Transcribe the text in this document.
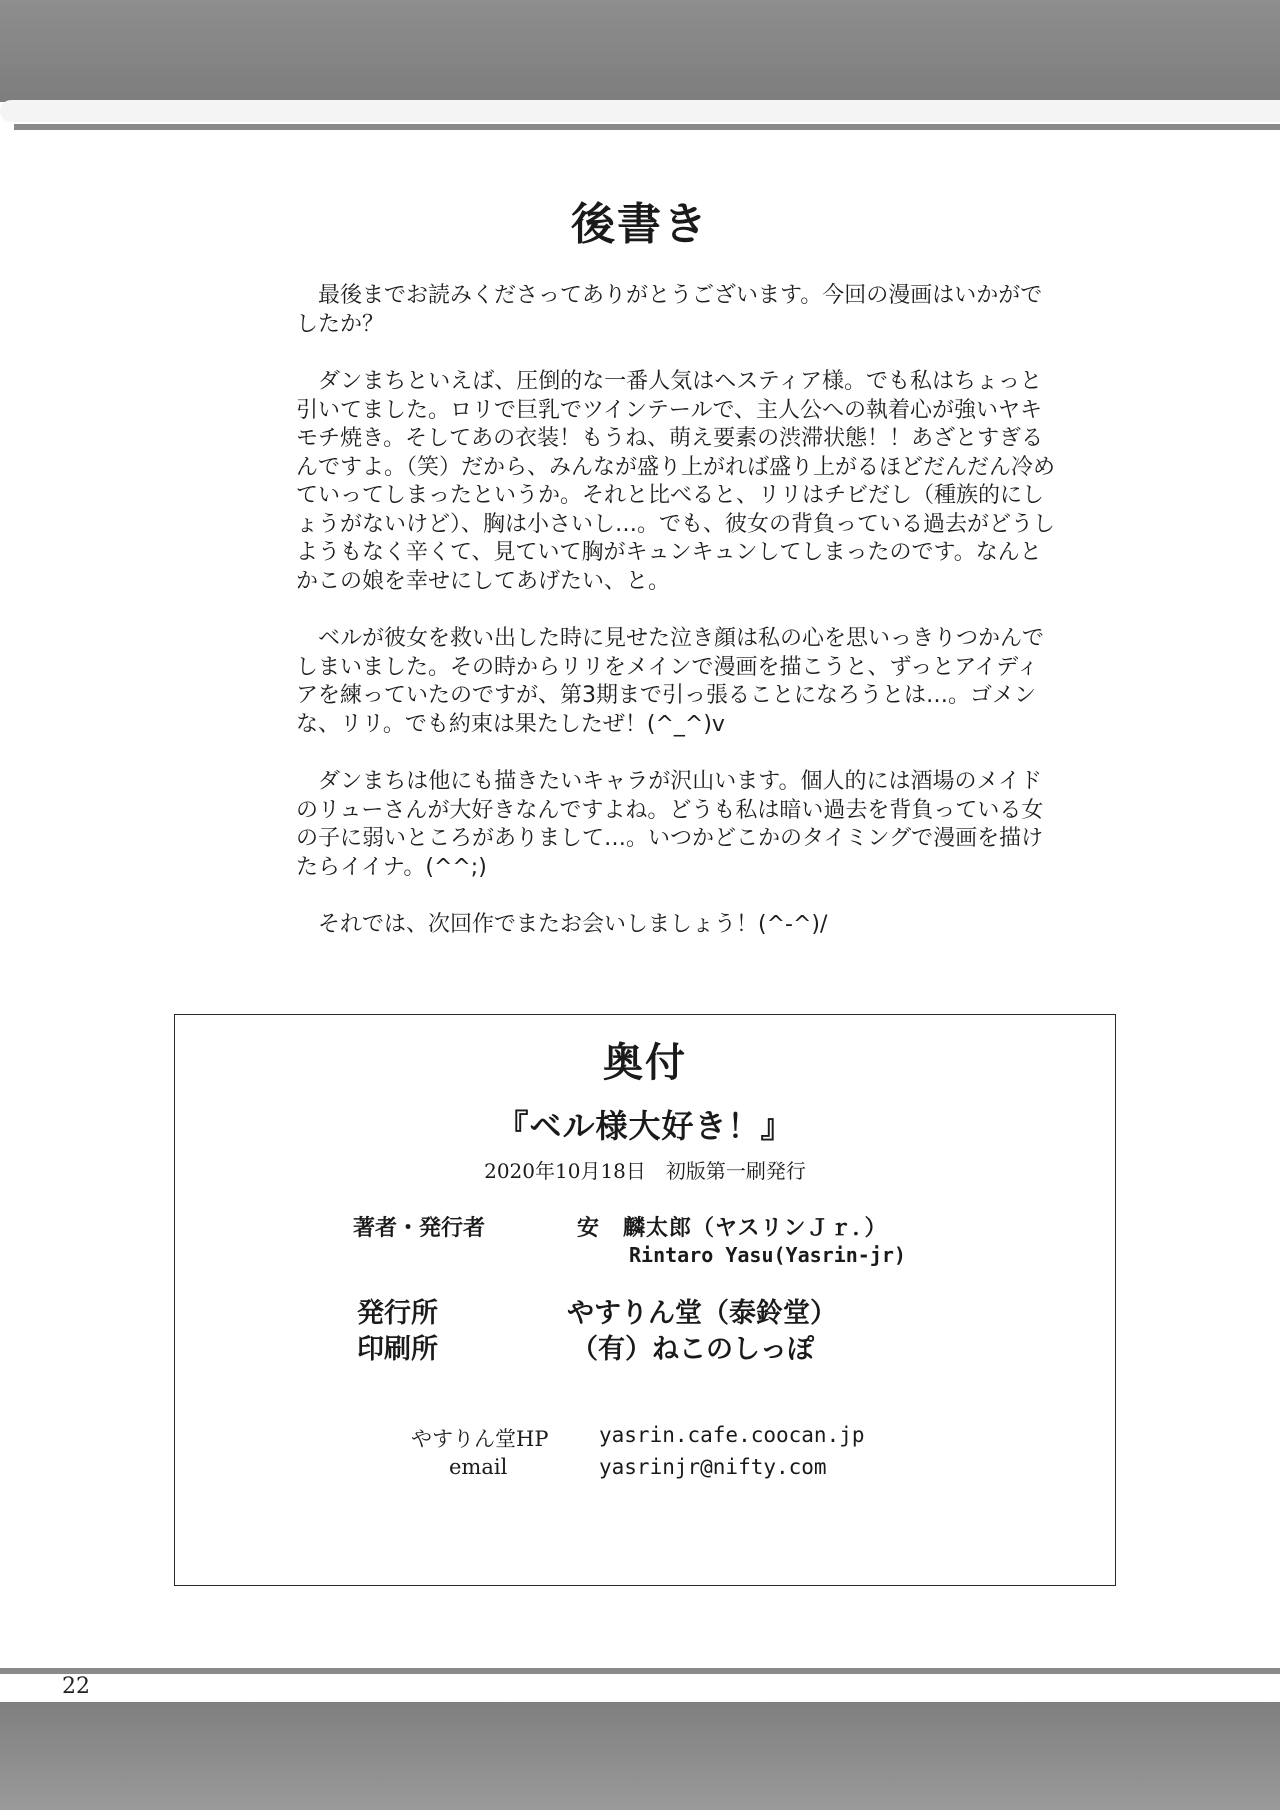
後書き

最後までお読みくださってありがとうございます。今回の漫画はいかがでしたか？

ダンまちといえば、圧倒的な一番人気はヘスティア様。でも私はちょっと引いてました。ロリで巨乳でツインテールで、主人公への執着心が強いヤキモチ焼き。そしてあの衣装！もうね、萌え要素の渋滞状態！！あざとすぎるんですよ。（笑）だから、みんなが盛り上がれば盛り上がるほどだんだん冷めていってしまったというか。それと比べると、リリはチビだし（種族的にしょうがないけど）、胸は小さいし…。でも、彼女の背負っている過去がどうしようもなく辛くて、見ていて胸がキュンキュンしてしまったのです。なんとかこの娘を幸せにしてあげたい、と。

ベルが彼女を救い出した時に見せた泣き顔は私の心を思いっきりつかんでしまいました。その時からリリをメインで漫画を描こうと、ずっとアイディアを練っていたのですが、第3期まで引っ張ることになろうとは…。ゴメンな、リリ。でも約束は果たしたぜ！(^_^)v

ダンまちは他にも描きたいキャラが沢山います。個人的には酒場のメイドのリューさんが大好きなんですよね。どうも私は暗い過去を背負っている女の子に弱いところがありまして…。いつかどこかのタイミングで漫画を描けたらイイナ。(^^;)

それでは、次回作でまたお会いしましょう！(^-^)/

奥付
『ベル様大好き！』
2020年10月18日　初版第一刷発行
著者・発行者	安　麟太郎（ヤスリンＪｒ．）
Rintaro Yasu(Yasrin-jr)
発行所	やすりん堂（泰鈴堂）
印刷所	（有）ねこのしっぽ
やすりん堂HP yasrin.cafe.coocan.jp
email	yasrinjr@nifty.com
22
